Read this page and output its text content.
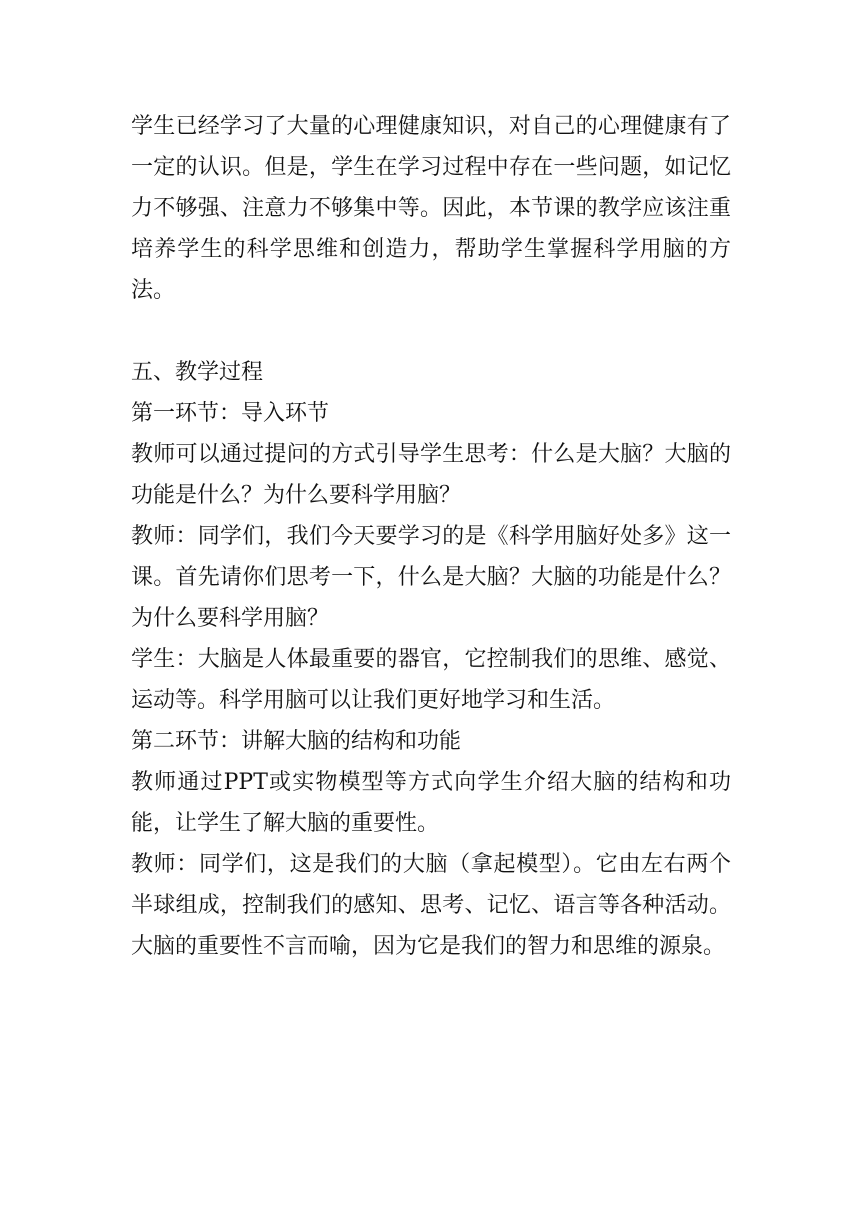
学生已经学习了大量的心理健康知识，对自己的心理健康有了一定的认识。但是，学生在学习过程中存在一些问题，如记忆力不够强、注意力不够集中等。因此，本节课的教学应该注重培养学生的科学思维和创造力，帮助学生掌握科学用脑的方法。

五、教学过程

第一环节：导入环节

教师可以通过提问的方式引导学生思考：什么是大脑？大脑的功能是什么？为什么要科学用脑？

教师：同学们，我们今天要学习的是《科学用脑好处多》这一课。首先请你们思考一下，什么是大脑？大脑的功能是什么？为什么要科学用脑？

学生：大脑是人体最重要的器官，它控制我们的思维、感觉、运动等。科学用脑可以让我们更好地学习和生活。

第二环节：讲解大脑的结构和功能

教师通过PPT或实物模型等方式向学生介绍大脑的结构和功能，让学生了解大脑的重要性。

教师：同学们，这是我们的大脑（拿起模型）。它由左右两个半球组成，控制我们的感知、思考、记忆、语言等各种活动。大脑的重要性不言而喻，因为它是我们的智力和思维的源泉。
